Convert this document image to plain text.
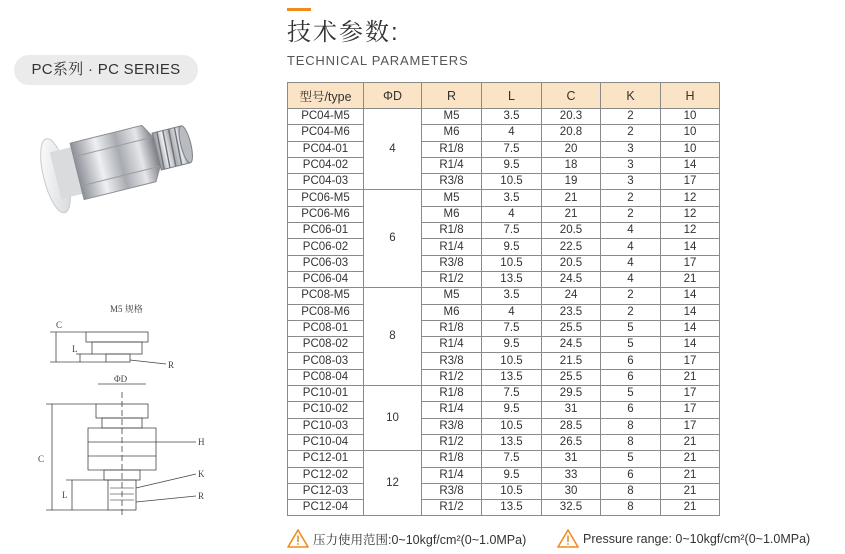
PC系列 · PC SERIES
M5 规格
C
L
R
ΦD
C
H
K
L	R
技术参数:
TECHNICAL PARAMETERS
型号/type	ΦD	R	L	C	K	H
PC04-M5	4	M5	3.5	20.3	2	10
PC04-M6		M6	4	20.8	2	10
PC04-01		R1/8	7.5	20	3	10
PC04-02		R1/4	9.5	18	3	14
PC04-03		R3/8	10.5	19	3	17
PC06-M5	6	M5	3.5	21	2	12
PC06-M6		M6	4	21	2	12
PC06-01		R1/8	7.5	20.5	4	12
PC06-02		R1/4	9.5	22.5	4	14
PC06-03		R3/8	10.5	20.5	4	17
PC06-04		R1/2	13.5	24.5	4	21
PC08-M5	8	M5	3.5	24	2	14
PC08-M6		M6	4	23.5	2	14
PC08-01		R1/8	7.5	25.5	5	14
PC08-02		R1/4	9.5	24.5	5	14
PC08-03		R3/8	10.5	21.5	6	17
PC08-04		R1/2	13.5	25.5	6	21
PC10-01	10	R1/8	7.5	29.5	5	17
PC10-02		R1/4	9.5	31	6	17
PC10-03		R3/8	10.5	28.5	8	17
PC10-04		R1/2	13.5	26.5	8	21
PC12-01	12	R1/8	7.5	31	5	21
PC12-02		R1/4	9.5	33	6	21
PC12-03		R3/8	10.5	30	8	21
PC12-04		R1/2	13.5	32.5	8	21
压力使用范围:0~10kgf/cm²(0~1.0MPa)	Pressure range: 0~10kgf/cm²(0~1.0MPa)
